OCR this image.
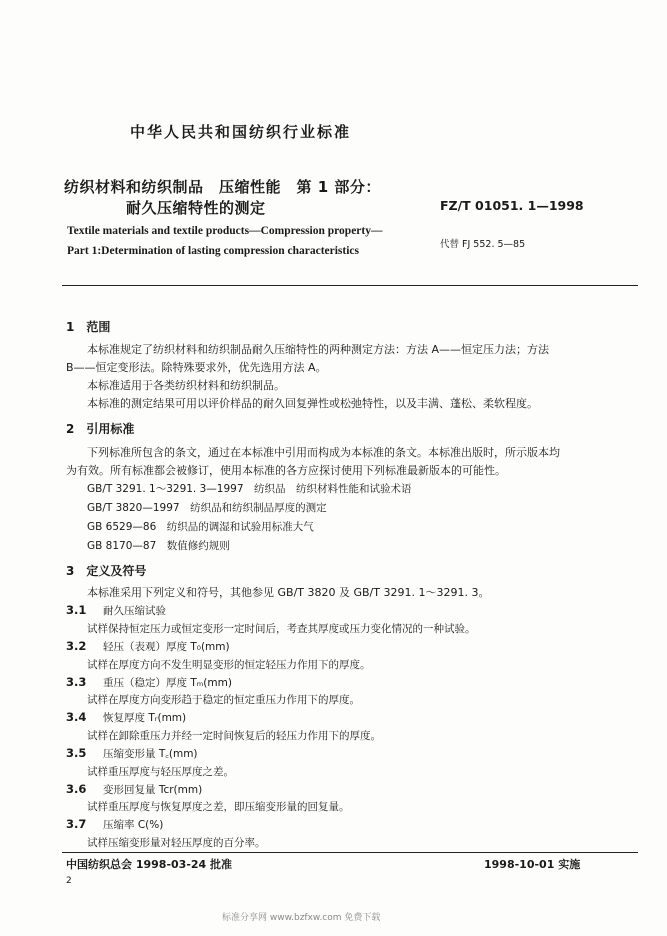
中华人民共和国纺织行业标准
纺织材料和纺织制品　压缩性能　第 1 部分：
耐久压缩特性的测定	FZ/T 01051. 1—1998
Textile materials and textile products—Compression property—
Part 1:Determination of lasting compression characteristics
代替 FJ 552. 5—85
1　范围
本标准规定了纺织材料和纺织制品耐久压缩特性的两种测定方法：方法 A——恒定压力法；方法
B——恒定变形法。除特殊要求外，优先选用方法 A。
本标准适用于各类纺织材料和纺织制品。
本标准的测定结果可用以评价样品的耐久回复弹性或松弛特性，以及丰满、蓬松、柔软程度。
2　引用标准
下列标准所包含的条文，通过在本标准中引用而构成为本标准的条文。本标准出版时，所示版本均
为有效。所有标准都会被修订，使用本标准的各方应探讨使用下列标准最新版本的可能性。
GB/T 3291. 1～3291. 3—1997　纺织品　纺织材料性能和试验术语
GB/T 3820—1997　纺织品和纺织制品厚度的测定
GB 6529—86　纺织品的调湿和试验用标准大气
GB 8170—87　数值修约规则
3　定义及符号
本标准采用下列定义和符号，其他参见 GB/T 3820 及 GB/T 3291. 1～3291. 3。
3.1 耐久压缩试验
试样保持恒定压力或恒定变形一定时间后，考查其厚度或压力变化情况的一种试验。
3.2 轻压（表观）厚度 T₀(mm)
试样在厚度方向不发生明显变形的恒定轻压力作用下的厚度。
3.3 重压（稳定）厚度 Tₘ(mm)
试样在厚度方向变形趋于稳定的恒定重压力作用下的厚度。
3.4 恢复厚度 Tᵣ(mm)
试样在卸除重压力并经一定时间恢复后的轻压力作用下的厚度。
3.5 压缩变形量 T꜀(mm)
试样重压厚度与轻压厚度之差。
3.6 变形回复量 Tcr(mm)
试样重压厚度与恢复厚度之差，即压缩变形量的回复量。
3.7 压缩率 C(%)
试样压缩变形量对轻压厚度的百分率。
中国纺织总会 1998-03-24 批准	1998-10-01 实施
2
标准分享网 www.bzfxw.com 免费下载
